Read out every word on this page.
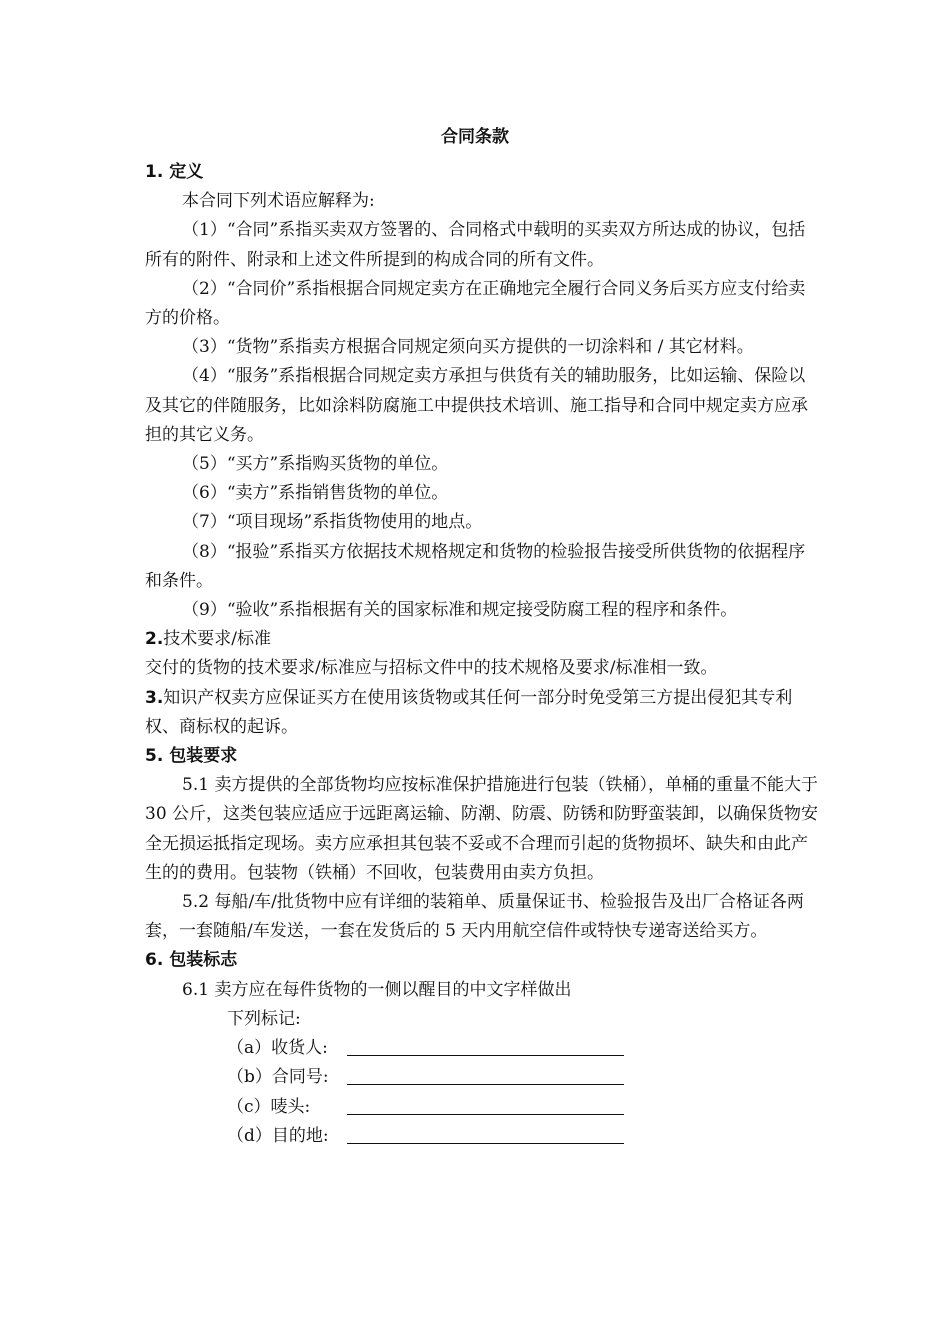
合同条款

1. 定义

本合同下列术语应解释为:

（1）“合同”系指买卖双方签署的、合同格式中载明的买卖双方所达成的协议，包括所有的附件、附录和上述文件所提到的构成合同的所有文件。

（2）“合同价”系指根据合同规定卖方在正确地完全履行合同义务后买方应支付给卖方的价格。

（3）“货物”系指卖方根据合同规定须向买方提供的一切涂料和 / 其它材料。

（4）“服务”系指根据合同规定卖方承担与供货有关的辅助服务，比如运输、保险以及其它的伴随服务，比如涂料防腐施工中提供技术培训、施工指导和合同中规定卖方应承担的其它义务。

（5）“买方”系指购买货物的单位。

（6）“卖方”系指销售货物的单位。

（7）“项目现场”系指货物使用的地点。

（8）“报验”系指买方依据技术规格规定和货物的检验报告接受所供货物的依据程序和条件。

（9）“验收”系指根据有关的国家标准和规定接受防腐工程的程序和条件。

2.技术要求/标准

交付的货物的技术要求/标准应与招标文件中的技术规格及要求/标准相一致。

3.知识产权卖方应保证买方在使用该货物或其任何一部分时免受第三方提出侵犯其专利权、商标权的起诉。

5. 包装要求

5.1 卖方提供的全部货物均应按标准保护措施进行包装（铁桶），单桶的重量不能大于 30 公斤，这类包装应适应于远距离运输、防潮、防震、防锈和防野蛮装卸，以确保货物安全无损运抵指定现场。卖方应承担其包装不妥或不合理而引起的货物损坏、缺失和由此产生的的费用。包装物（铁桶）不回收，包装费用由卖方负担。

5.2 每船/车/批货物中应有详细的装箱单、质量保证书、检验报告及出厂合格证各两套，一套随船/车发送，一套在发货后的 5 天内用航空信件或特快专递寄送给买方。

6. 包装标志

6.1 卖方应在每件货物的一侧以醒目的中文字样做出

下列标记:

（a）收货人:

（b）合同号:

（c）唛头:

（d）目的地:
